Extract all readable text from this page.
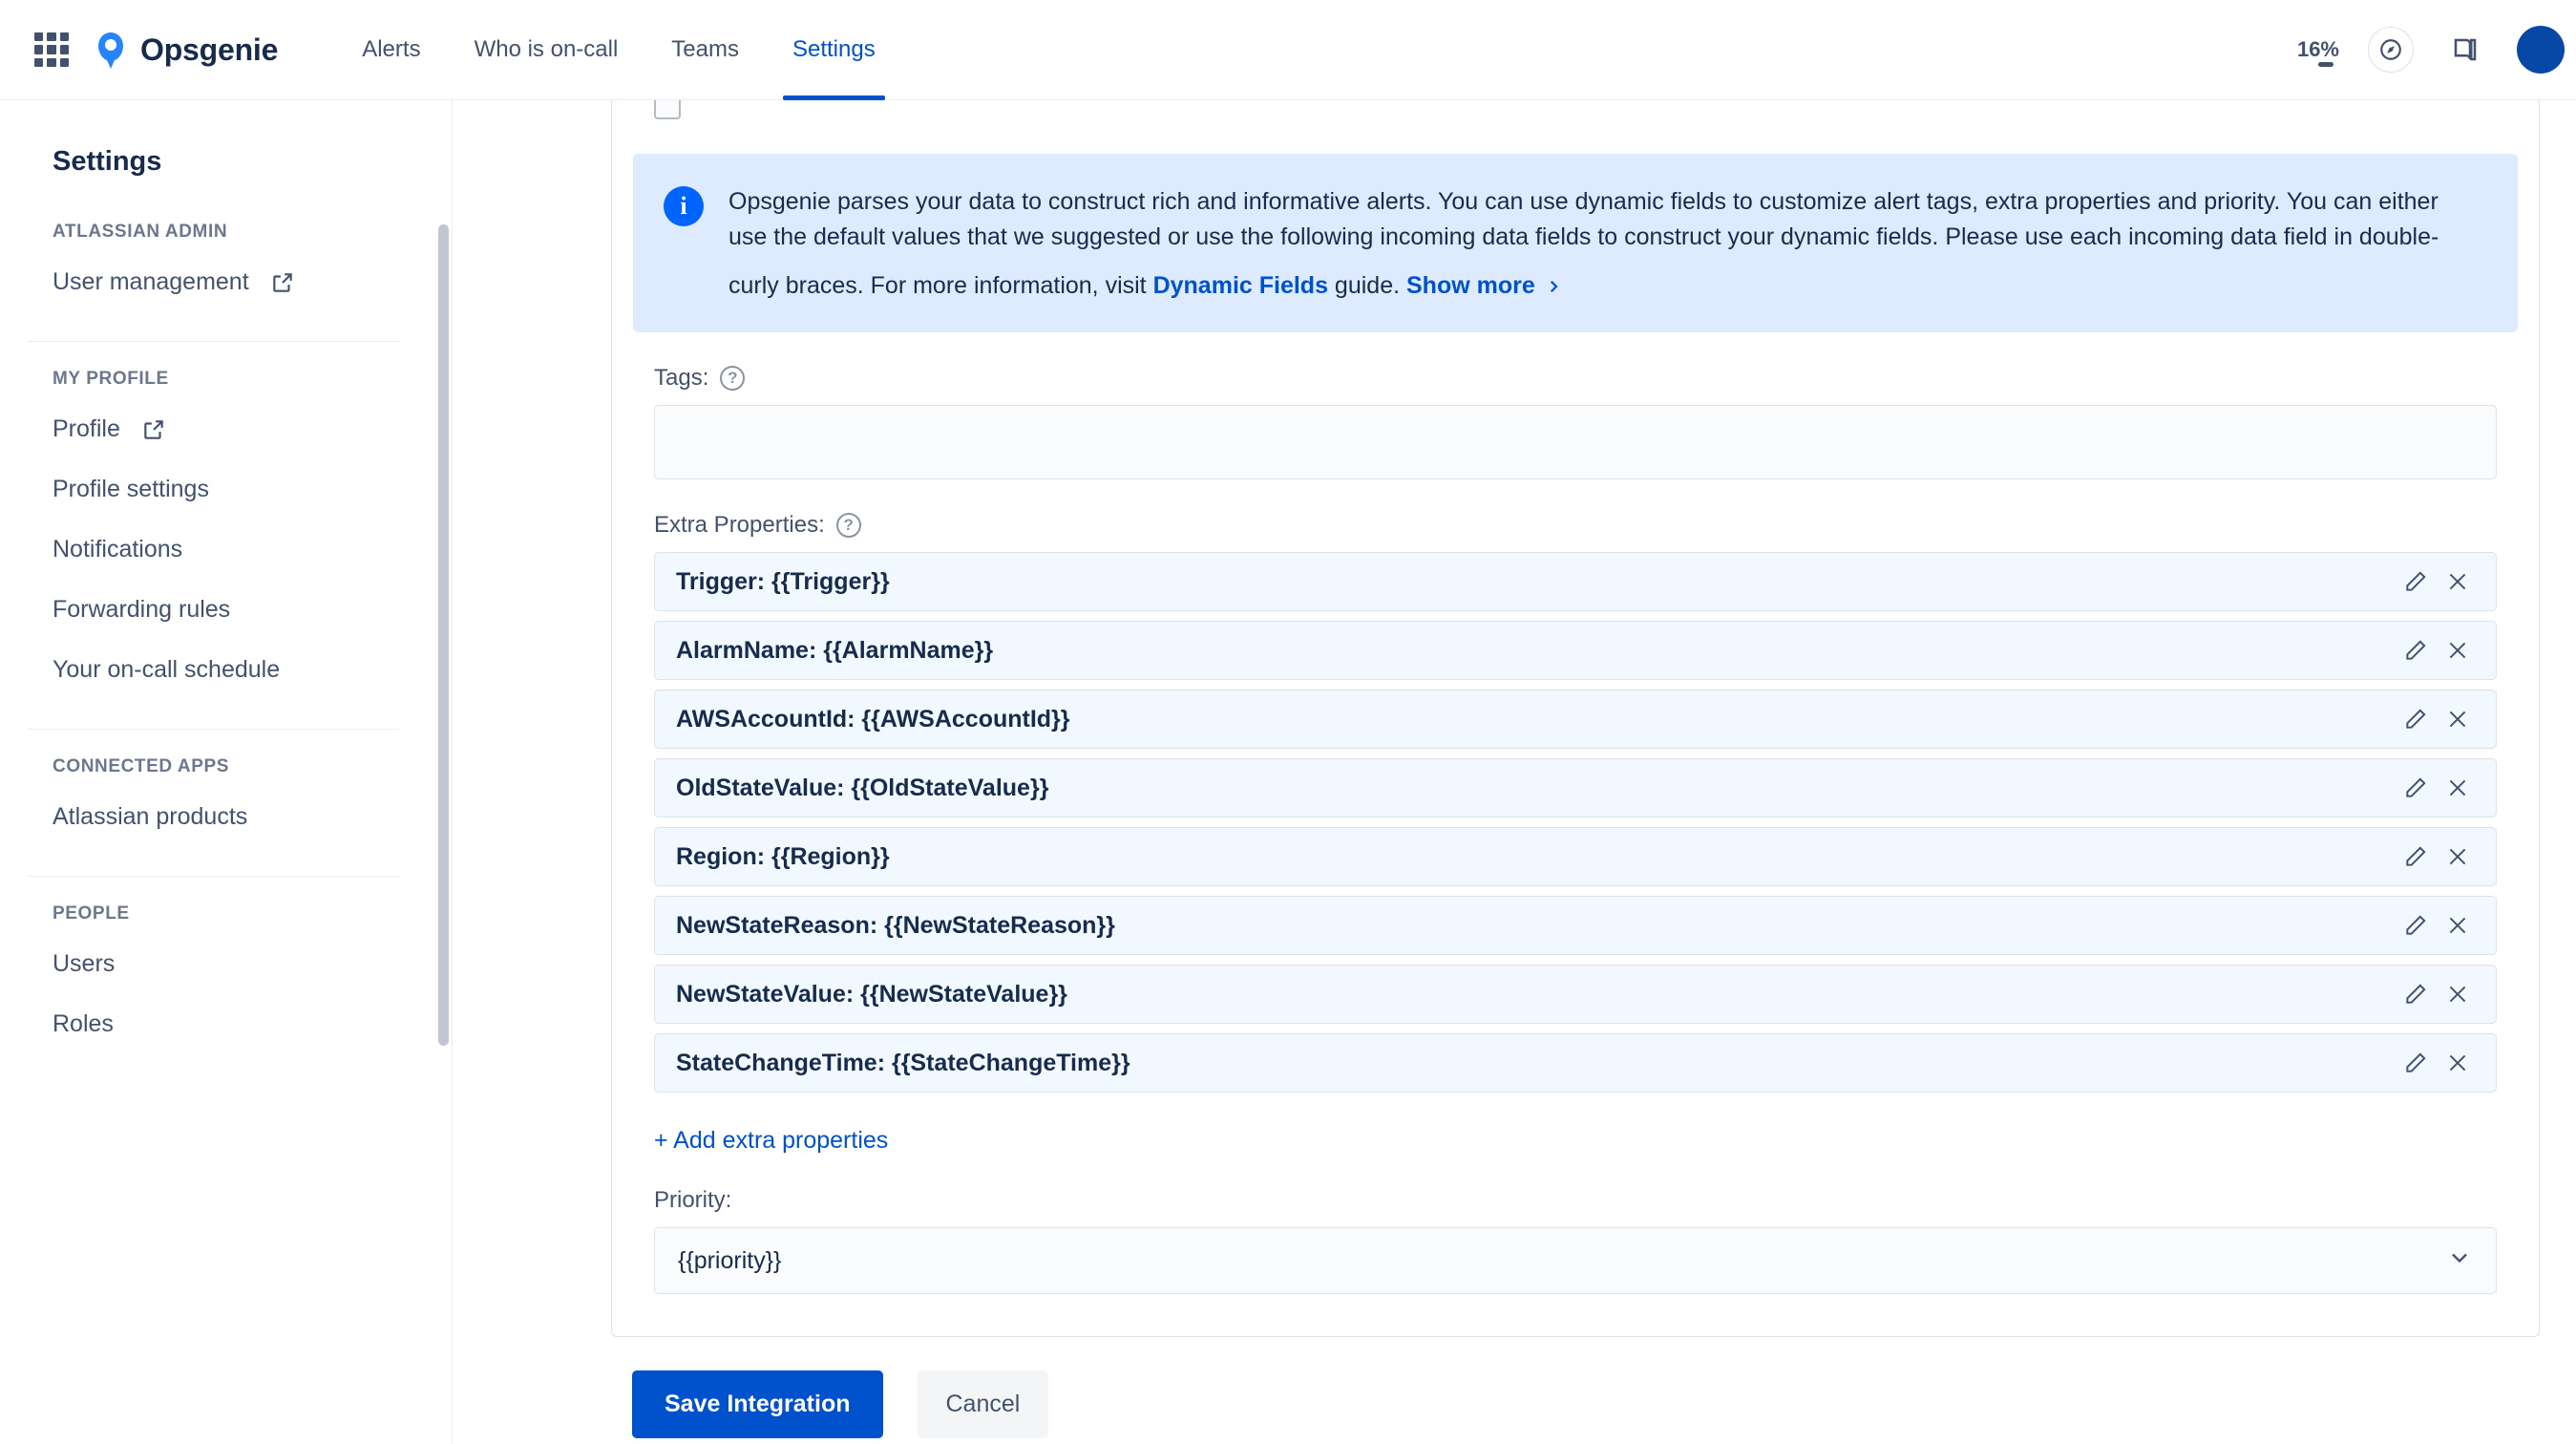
Opsgenie	Alerts	Who is on-call	Teams	Settings	16%
Settings
ATLASSIAN ADMIN
User management
MY PROFILE
Profile
Profile settings
Notifications
Forwarding rules
Your on-call schedule
CONNECTED APPS
Atlassian products
PEOPLE
Users
Roles
i	Opsgenie parses your data to construct rich and informative alerts. You can use dynamic fields to customize alert tags, extra properties and priority. You can either use the default values that we suggested or use the following incoming data fields to construct your dynamic fields. Please use each incoming data field in double-curly braces. For more information, visit Dynamic Fields guide. Show more
Tags:	?
Extra Properties:	?
Trigger: {{Trigger}}
AlarmName: {{AlarmName}}
AWSAccountId: {{AWSAccountId}}
OldStateValue: {{OldStateValue}}
Region: {{Region}}
NewStateReason: {{NewStateReason}}
NewStateValue: {{NewStateValue}}
StateChangeTime: {{StateChangeTime}}
+ Add extra properties
Priority:
{{priority}}
Save Integration	Cancel
